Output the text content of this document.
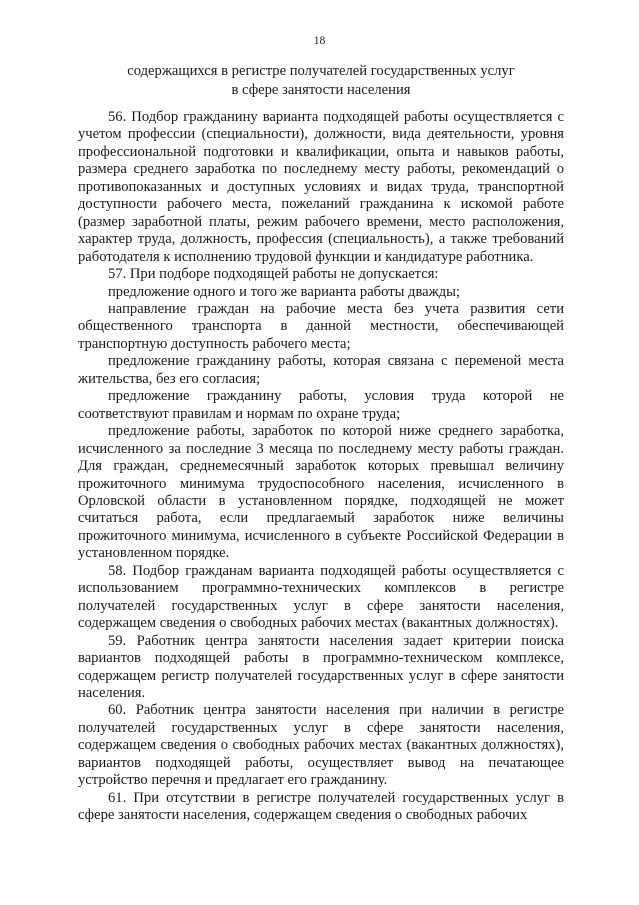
18
содержащихся в регистре получателей государственных услуг
в сфере занятости населения

56. Подбор гражданину варианта подходящей работы осуществляется с учетом профессии (специальности), должности, вида деятельности, уровня профессиональной подготовки и квалификации, опыта и навыков работы, размера среднего заработка по последнему месту работы, рекомендаций о противопоказанных и доступных условиях и видах труда, транспортной доступности рабочего места, пожеланий гражданина к искомой работе (размер заработной платы, режим рабочего времени, место расположения, характер труда, должность, профессия (специальность), а также требований работодателя к исполнению трудовой функции и кандидатуре работника.

57. При подборе подходящей работы не допускается:

предложение одного и того же варианта работы дважды;

направление граждан на рабочие места без учета развития сети общественного транспорта в данной местности, обеспечивающей транспортную доступность рабочего места;

предложение гражданину работы, которая связана с переменой места жительства, без его согласия;

предложение гражданину работы, условия труда которой не соответствуют правилам и нормам по охране труда;

предложение работы, заработок по которой ниже среднего заработка, исчисленного за последние 3 месяца по последнему месту работы граждан. Для граждан, среднемесячный заработок которых превышал величину прожиточного минимума трудоспособного населения, исчисленного в Орловской области в установленном порядке, подходящей не может считаться работа, если предлагаемый заработок ниже величины прожиточного минимума, исчисленного в субъекте Российской Федерации в установленном порядке.

58. Подбор гражданам варианта подходящей работы осуществляется с использованием программно-технических комплексов в регистре получателей государственных услуг в сфере занятости населения, содержащем сведения о свободных рабочих местах (вакантных должностях).

59. Работник центра занятости населения задает критерии поиска вариантов подходящей работы в программно-техническом комплексе, содержащем регистр получателей государственных услуг в сфере занятости населения.

60. Работник центра занятости населения при наличии в регистре получателей государственных услуг в сфере занятости населения, содержащем сведения о свободных рабочих местах (вакантных должностях), вариантов подходящей работы, осуществляет вывод на печатающее устройство перечня и предлагает его гражданину.

61. При отсутствии в регистре получателей государственных услуг в сфере занятости населения, содержащем сведения о свободных рабочих
